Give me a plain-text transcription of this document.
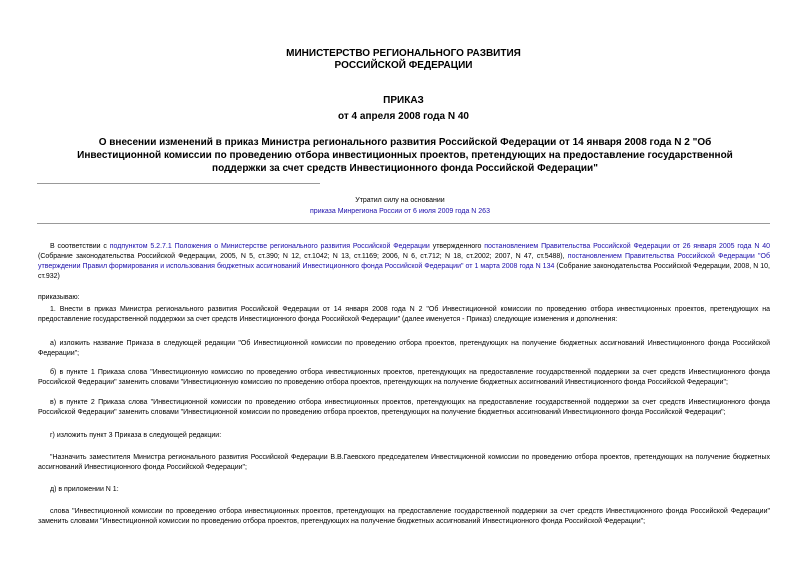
МИНИСТЕРСТВО РЕГИОНАЛЬНОГО РАЗВИТИЯ

РОССИЙСКОЙ ФЕДЕРАЦИИ

ПРИКАЗ

от 4 апреля 2008 года N 40

О внесении изменений в приказ Министра регионального развития Российской Федерации от 14 января 2008 года N 2 "Об Инвестиционной комиссии по проведению отбора инвестиционных проектов, претендующих на предоставление государственной поддержки за счет средств Инвестиционного фонда Российской Федерации"

Утратил силу на основании
приказа Минрегиона России от 6 июля 2009 года N 263

В соответствии с подпунктом 5.2.7.1 Положения о Министерстве регионального развития Российской Федерации утвержденного постановлением Правительства Российской Федерации от 26 января 2005 года N 40 (Собрание законодательства Российской Федерации, 2005, N 5, ст.390; N 12, ст.1042; N 13, ст.1169; 2006, N 6, ст.712; N 18, ст.2002; 2007, N 47, ст.5488), постановлением Правительства Российской Федерации "Об утверждении Правил формирования и использования бюджетных ассигнований Инвестиционного фонда Российской Федерации" от 1 марта 2008 года N 134 (Собрание законодательства Российской Федерации, 2008, N 10, ст.932)

приказываю:

1. Внести в приказ Министра регионального развития Российской Федерации от 14 января 2008 года N 2 "Об Инвестиционной комиссии по проведению отбора инвестиционных проектов, претендующих на предоставление государственной поддержки за счет средств Инвестиционного фонда Российской Федерации" (далее именуется - Приказ) следующие изменения и дополнения:

а) изложить название Приказа в следующей редакции "Об Инвестиционной комиссии по проведению отбора проектов, претендующих на получение бюджетных ассигнований Инвестиционного фонда Российской Федерации";

б) в пункте 1 Приказа слова "Инвестиционную комиссию по проведению отбора инвестиционных проектов, претендующих на предоставление государственной поддержки за счет средств Инвестиционного фонда Российской Федерации" заменить словами "Инвестиционную комиссию по проведению отбора проектов, претендующих на получение бюджетных ассигнований Инвестиционного фонда Российской Федерации";

в) в пункте 2 Приказа слова "Инвестиционной комиссии по проведению отбора инвестиционных проектов, претендующих на предоставление государственной поддержки за счет средств Инвестиционного фонда Российской Федерации" заменить словами "Инвестиционной комиссии по проведению отбора проектов, претендующих на получение бюджетных ассигнований Инвестиционного фонда Российской Федерации";

г) изложить пункт 3 Приказа в следующей редакции:

"Назначить заместителя Министра регионального развития Российской Федерации В.В.Гаевского председателем Инвестиционной комиссии по проведению отбора проектов, претендующих на получение бюджетных ассигнований Инвестиционного фонда Российской Федерации";

д) в приложении N 1:

слова "Инвестиционной комиссии по проведению отбора инвестиционных проектов, претендующих на предоставление государственной поддержки за счет средств Инвестиционного фонда Российской Федерации" заменить словами "Инвестиционной комиссии по проведению отбора проектов, претендующих на получение бюджетных ассигнований Инвестиционного фонда Российской Федерации";
